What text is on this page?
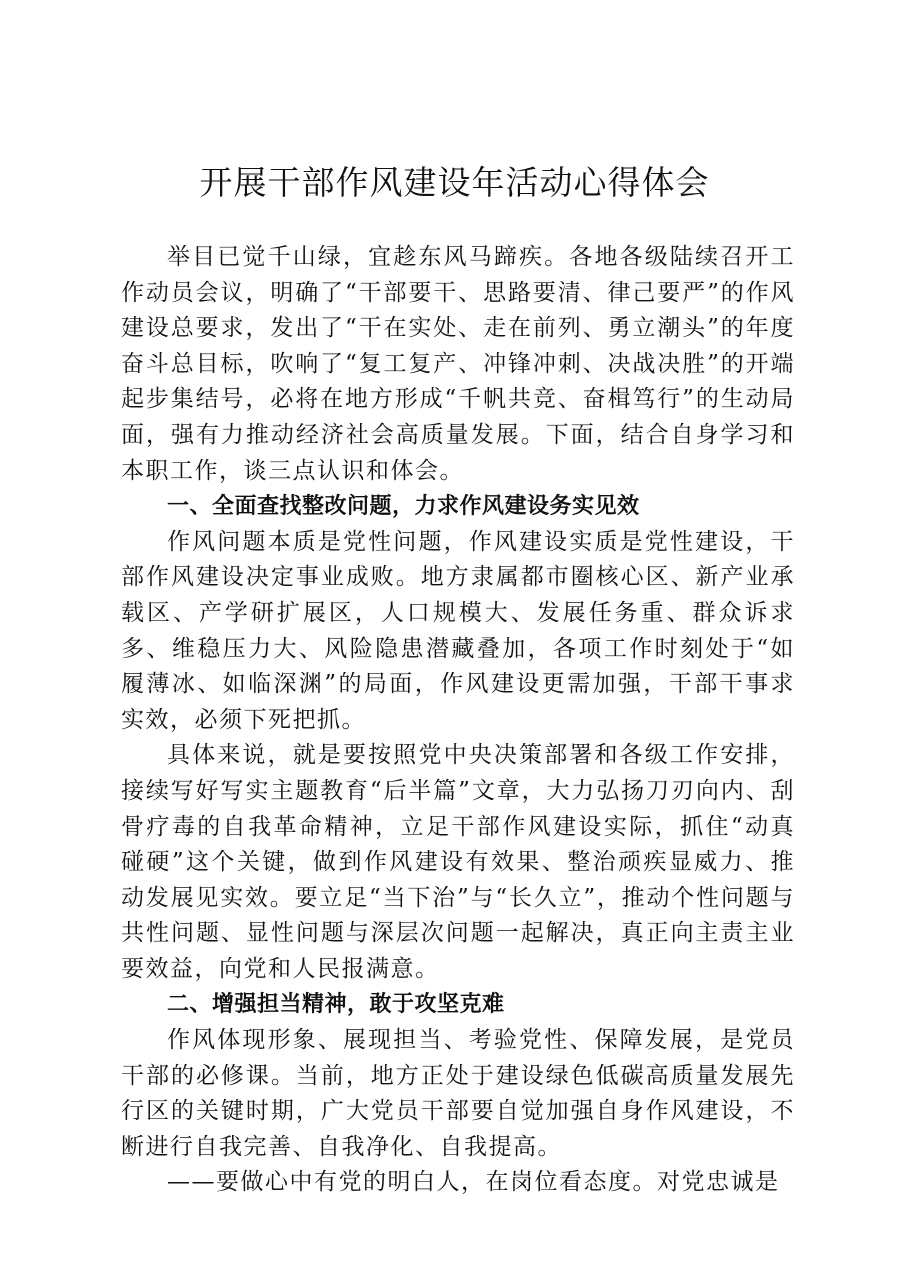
开展干部作风建设年活动心得体会

举目已觉千山绿，宜趁东风马蹄疾。各地各级陆续召开工作动员会议，明确了“干部要干、思路要清、律己要严”的作风建设总要求，发出了“干在实处、走在前列、勇立潮头”的年度奋斗总目标，吹响了“复工复产、冲锋冲刺、决战决胜”的开端起步集结号，必将在地方形成“千帆共竞、奋楫笃行”的生动局面，强有力推动经济社会高质量发展。下面，结合自身学习和本职工作，谈三点认识和体会。

一、全面查找整改问题，力求作风建设务实见效

作风问题本质是党性问题，作风建设实质是党性建设，干部作风建设决定事业成败。地方隶属都市圈核心区、新产业承载区、产学研扩展区，人口规模大、发展任务重、群众诉求多、维稳压力大、风险隐患潜藏叠加，各项工作时刻处于“如履薄冰、如临深渊”的局面，作风建设更需加强，干部干事求实效，必须下死把抓。

具体来说，就是要按照党中央决策部署和各级工作安排，接续写好写实主题教育“后半篇”文章，大力弘扬刀刃向内、刮骨疗毒的自我革命精神，立足干部作风建设实际，抓住“动真碰硬”这个关键，做到作风建设有效果、整治顽疾显威力、推动发展见实效。要立足“当下治”与“长久立”，推动个性问题与共性问题、显性问题与深层次问题一起解决，真正向主责主业要效益，向党和人民报满意。

二、增强担当精神，敢于攻坚克难

作风体现形象、展现担当、考验党性、保障发展，是党员干部的必修课。当前，地方正处于建设绿色低碳高质量发展先行区的关键时期，广大党员干部要自觉加强自身作风建设，不断进行自我完善、自我净化、自我提高。

——要做心中有党的明白人，在岗位看态度。对党忠诚是
